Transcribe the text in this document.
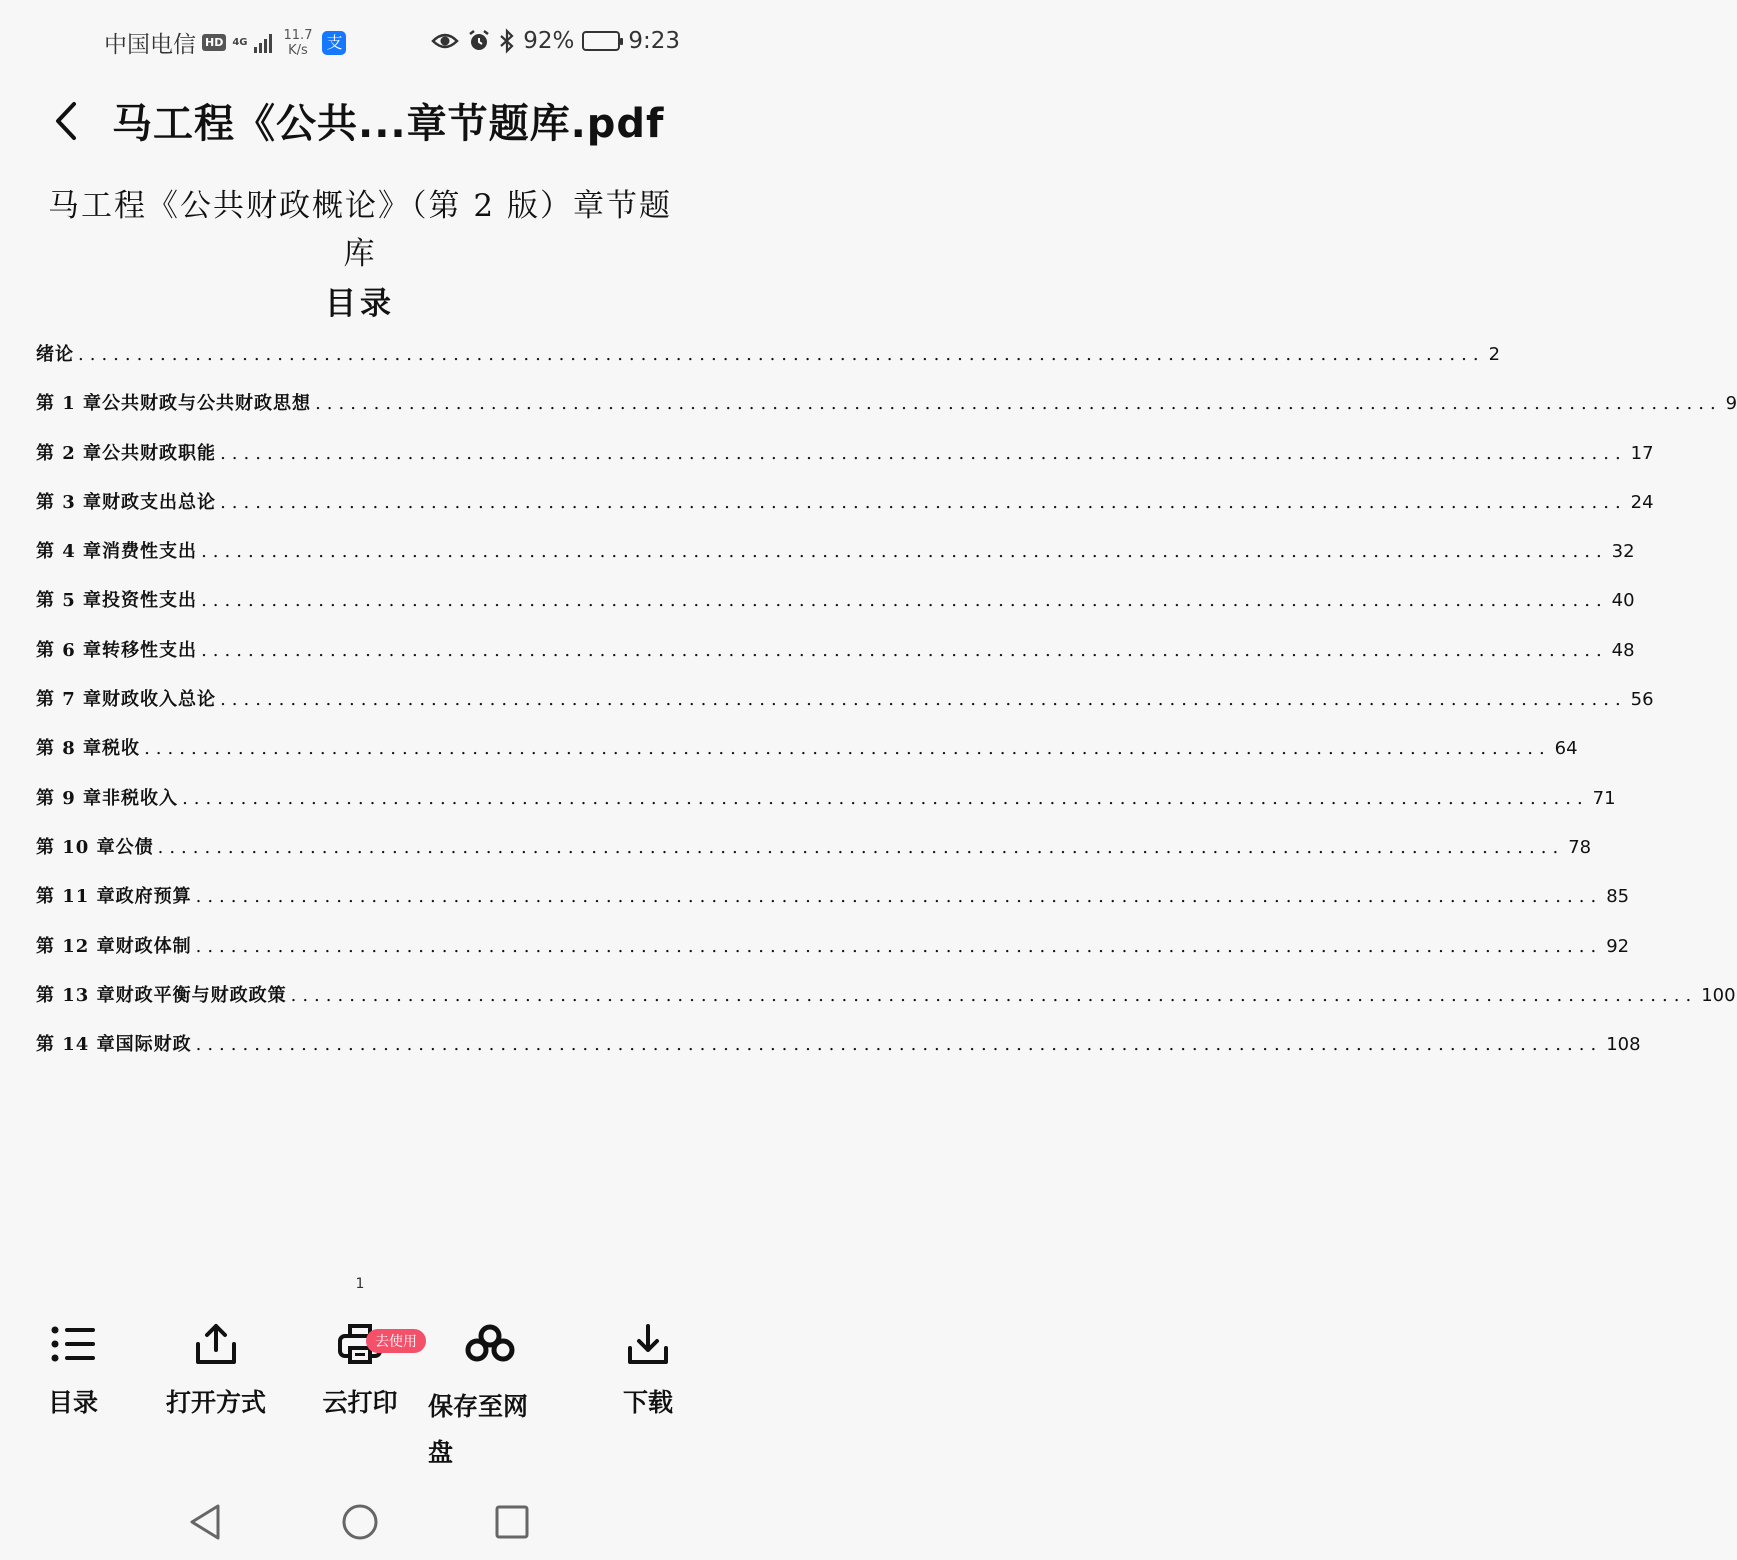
中国电信 HD 4G	11.7
K/s 支	92% 9:23
马工程《公共...章节题库.pdf
马工程《公共财政概论》（第 2 版）章节题库
目录
绪论 ........................................................................................................................ 2
第 1 章公共财政与公共财政思想 ........................................................................................................................ 9
第 2 章公共财政职能 ........................................................................................................................ 17
第 3 章财政支出总论 ........................................................................................................................ 24
第 4 章消费性支出 ........................................................................................................................ 32
第 5 章投资性支出 ........................................................................................................................ 40
第 6 章转移性支出 ........................................................................................................................ 48
第 7 章财政收入总论 ........................................................................................................................ 56
第 8 章税收 ........................................................................................................................ 64
第 9 章非税收入 ........................................................................................................................ 71
第 10 章公债 ........................................................................................................................ 78
第 11 章政府预算 ........................................................................................................................ 85
第 12 章财政体制 ........................................................................................................................ 92
第 13 章财政平衡与财政政策 ........................................................................................................................ 100
第 14 章国际财政 ........................................................................................................................ 108
1
目录	打开方式	云打印
去使用
保存至网盘
下载
